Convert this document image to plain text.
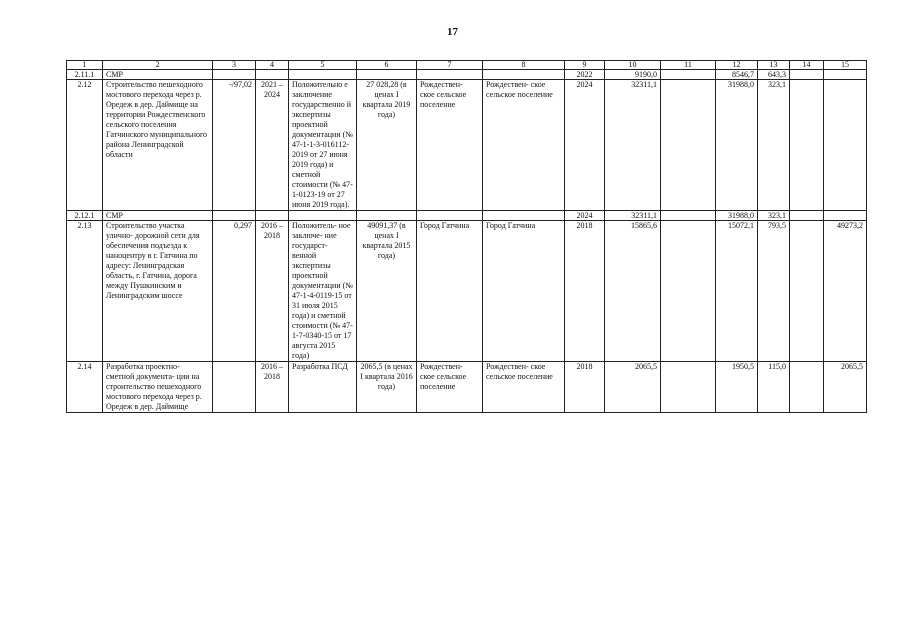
17
1	2	3	4	5	6	7	8	9	10	11	12	13	14	15
2.11.1	СМР							2022	9190,0		8546,7	643,3		
2.12	Строительство пешеходного мостового перехода через р. Оредеж в дер. Даймище на территории Рождественского сельского поселения Гатчинского муниципального района Ленинградской области	-/97,02	2021 – 2024	Положительно е заключение государственно й экспертизы проектной документации (№ 47-1-1-3-016112-2019 от 27 июня 2019 года) и сметной стоимости (№ 47-1-0123-19 от 27 июня 2019 года).	27 028,28 (в ценах I квартала 2019 года)	Рождествен- ское сельское поселение	Рождествен- ское сельское поселение	2024	32311,1		31988,0	323,1		
2.12.1	СМР							2024	32311,1		31988,0	323,1		
2.13	Строительство участка улично- дорожной сети для обеспечения подъезда к наноцентру в г. Гатчина по адресу: Ленинградская область, г. Гатчина, дорога между Пушкинским и Ленинградским шоссе	0,297	2016 – 2018	Положитель- ное заключе- ние государст- венной экспертизы проектной документации (№ 47-1-4-0119-15 от 31 июля 2015 года) и сметной стоимости (№ 47-1-7-0340-15 от 17 августа 2015 года)	49091,37 (в ценах I квартала 2015 года)	Город Гатчина	Город Гатчина	2018	15865,6		15072,1	793,5		49273,2
2.14	Разработка проектно- сметной документа- ции на строительство пешеходного мостового перехода через р. Оредеж в дер. Даймище		2016 – 2018	Разработка ПСД	2065,5 (в ценах I квартала 2016 года)	Рождествен- ское сельское поселение	Рождествен- ское сельское поселение	2018	2065,5		1950,5	115,0		2065,5
